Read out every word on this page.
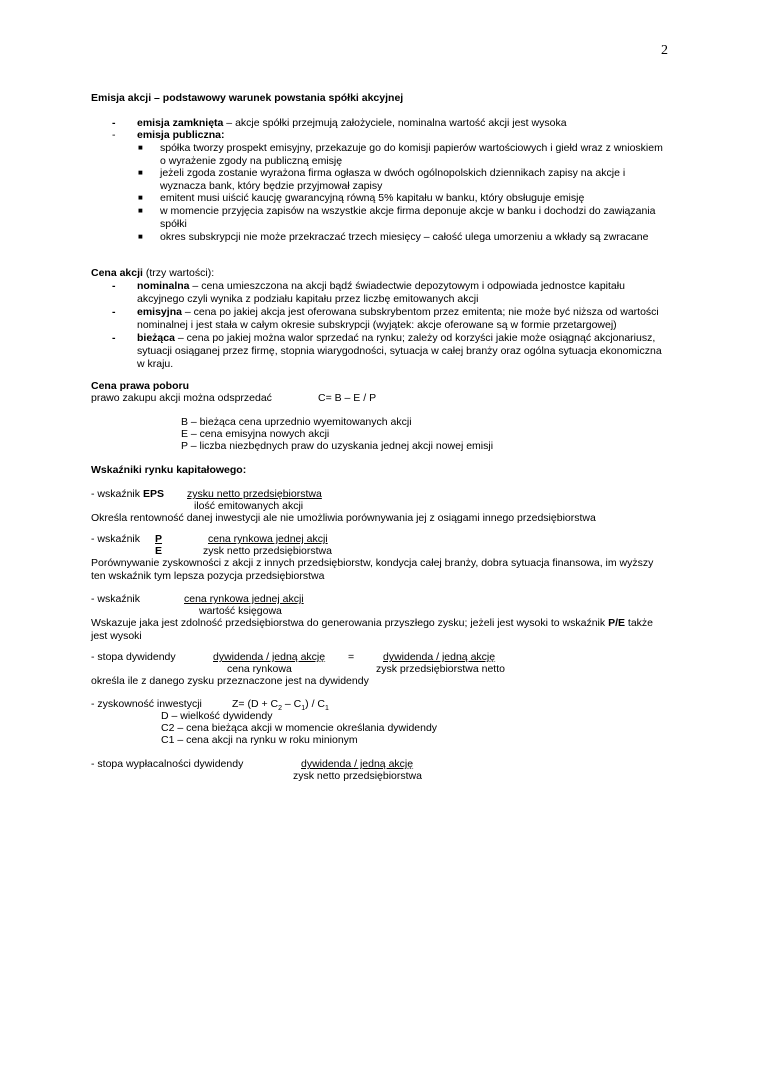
2
Emisja akcji – podstawowy warunek powstania spółki akcyjnej
- emisja zamknięta – akcje spółki przejmują założyciele, nominalna wartość akcji jest wysoka
- emisja publiczna:
■ spółka tworzy prospekt emisyjny, przekazuje go do komisji papierów wartościowych i giełd wraz z wnioskiem o wyrażenie zgody na publiczną emisję
■ jeżeli zgoda zostanie wyrażona firma ogłasza w dwóch ogólnopolskich dziennikach zapisy na akcje i wyznacza bank, który będzie przyjmował zapisy
■ emitent musi uiścić kaucję gwarancyjną równą 5% kapitału w banku, który obsługuje emisję
■ w momencie przyjęcia zapisów na wszystkie akcje firma deponuje akcje w banku i dochodzi do zawiązania spółki
■ okres subskrypcji nie może przekraczać trzech miesięcy – całość ulega umorzeniu a wkłady są zwracane
Cena akcji (trzy wartości):
- nominalna – cena umieszczona na akcji bądź świadectwie depozytowym i odpowiada jednostce kapitału akcyjnego czyli wynika z podziału kapitału przez liczbę emitowanych akcji
- emisyjna – cena po jakiej akcja jest oferowana subskrybentom przez emitenta; nie może być niższa od wartości nominalnej i jest stała w całym okresie subskrypcji (wyjątek: akcje oferowane są w formie przetargowej)
- bieżąca – cena po jakiej można walor sprzedać na rynku; zależy od korzyści jakie może osiągnąć akcjonariusz, sytuacji osiąganej przez firmę, stopnia wiarygodności, sytuacja w całej branży oraz ogólna sytuacja ekonomiczna w kraju.
Cena prawa poboru
prawo zakupu akcji można odsprzedać	C= B – E / P
B – bieżąca cena uprzednio wyemitowanych akcji
E – cena emisyjna nowych akcji
P – liczba niezbędnych praw do uzyskania jednej akcji nowej emisji
Wskaźniki rynku kapitałowego:
- wskaźnik EPS zysku netto przedsiębiorstwa
ilość emitowanych akcji
Określa rentowność danej inwestycji ale nie umożliwia porównywania jej z osiągami innego przedsiębiorstwa
- wskaźnik P
E
cena rynkowa jednej akcji
zysk netto przedsiębiorstwa
Porównywanie zyskowności z akcji z innych przedsiębiorstw, kondycja całej branży, dobra sytuacja finansowa, im wyższy ten wskaźnik tym lepsza pozycja przedsiębiorstwa
- wskaźnik	cena rynkowa jednej akcji
wartość księgowa
Wskazuje jaka jest zdolność przedsiębiorstwa do generowania przyszłego zysku; jeżeli jest wysoki to wskaźnik P/E także jest wysoki
- stopa dywidendy	dywidenda / jedną akcję
cena rynkowa
=	dywidenda / jedną akcję
zysk przedsiębiorstwa netto
określa ile z danego zysku przeznaczone jest na dywidendy
- zyskowność inwestycji	$Z= (D + C_2 - C_1) / C_1$
D – wielkość dywidendy
C2 – cena bieżąca akcji w momencie określania dywidendy
C1 – cena akcji na rynku w roku minionym
- stopa wypłacalności dywidendy	dywidenda / jedną akcję
zysk netto przedsiębiorstwa
